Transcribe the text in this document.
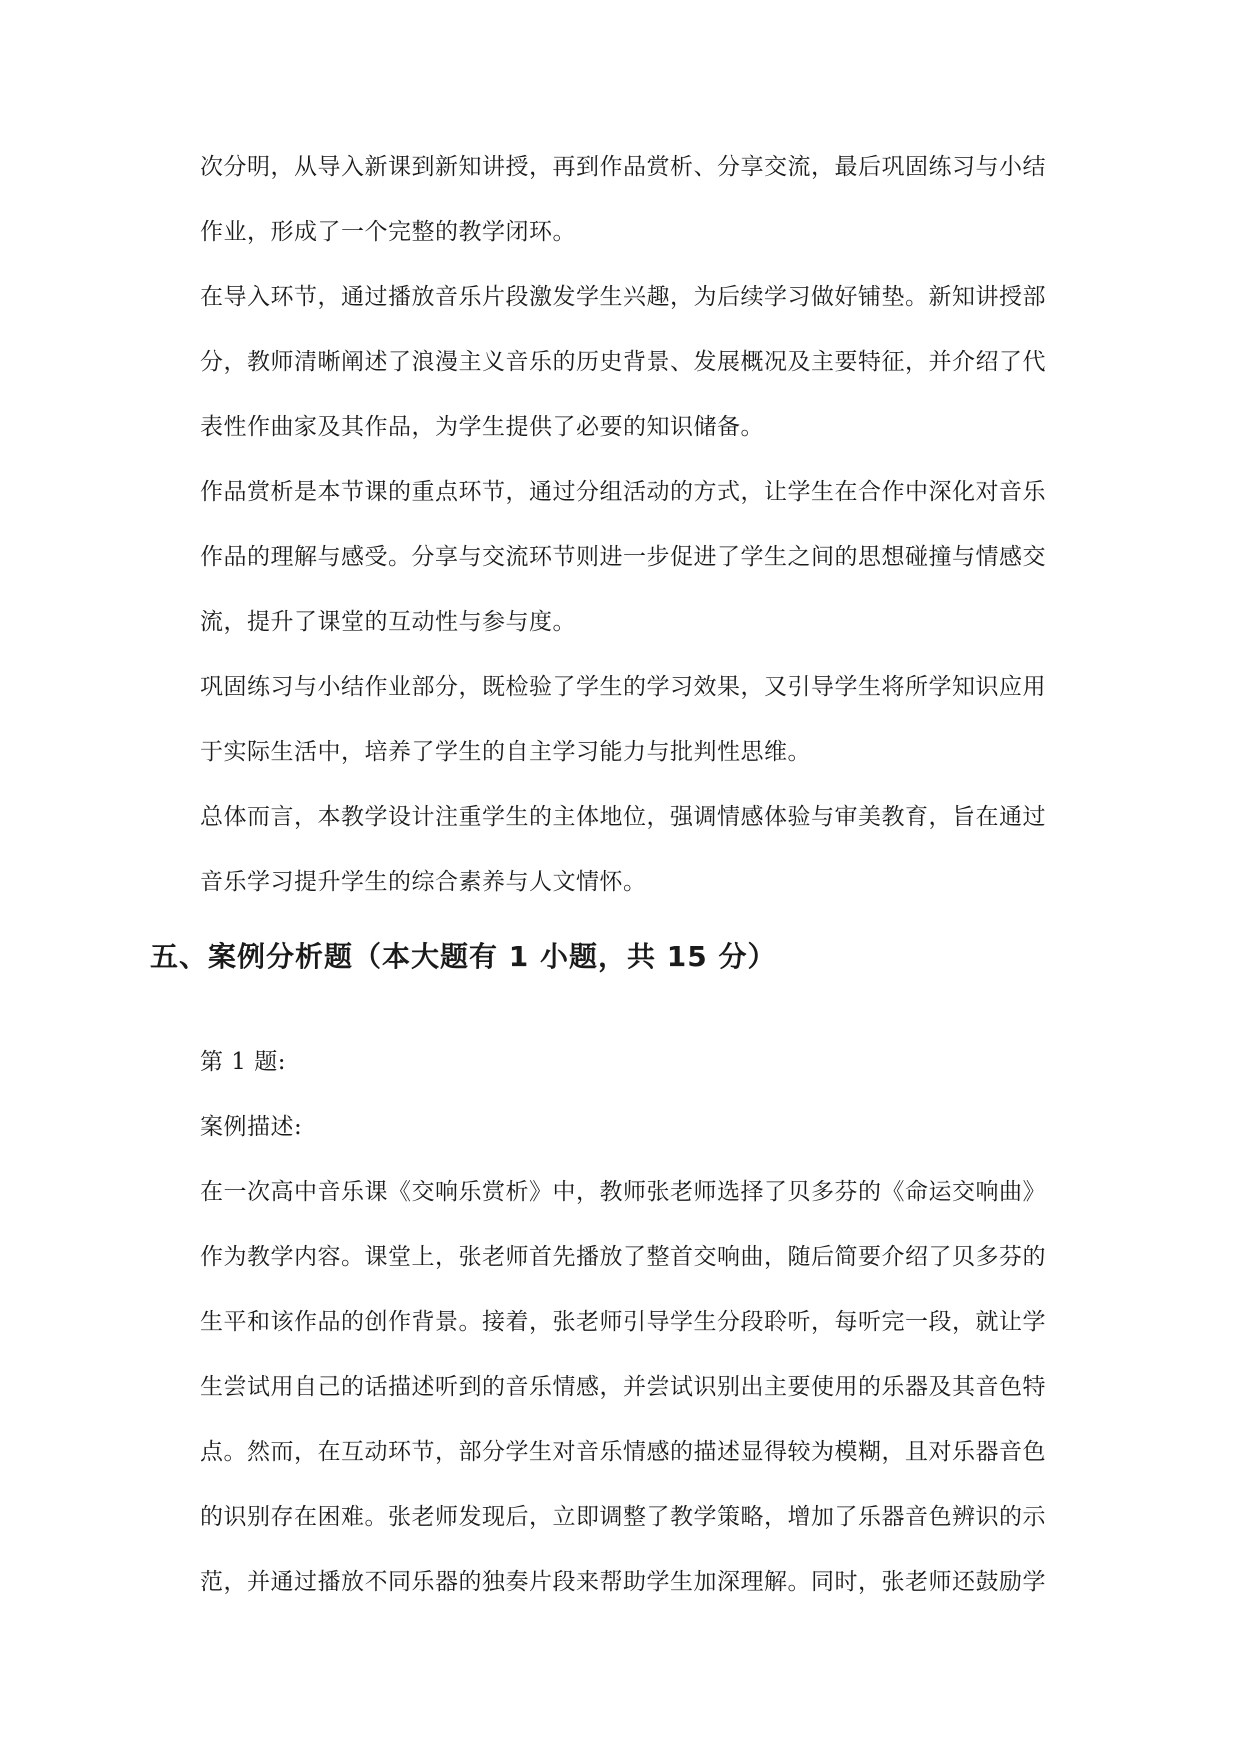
次分明，从导入新课到新知讲授，再到作品赏析、分享交流，最后巩固练习与小结
作业，形成了一个完整的教学闭环。
在导入环节，通过播放音乐片段激发学生兴趣，为后续学习做好铺垫。新知讲授部
分，教师清晰阐述了浪漫主义音乐的历史背景、发展概况及主要特征，并介绍了代
表性作曲家及其作品，为学生提供了必要的知识储备。
作品赏析是本节课的重点环节，通过分组活动的方式，让学生在合作中深化对音乐
作品的理解与感受。分享与交流环节则进一步促进了学生之间的思想碰撞与情感交
流，提升了课堂的互动性与参与度。
巩固练习与小结作业部分，既检验了学生的学习效果，又引导学生将所学知识应用
于实际生活中，培养了学生的自主学习能力与批判性思维。
总体而言，本教学设计注重学生的主体地位，强调情感体验与审美教育，旨在通过
音乐学习提升学生的综合素养与人文情怀。
五、案例分析题（本大题有 1 小题，共 15 分）
第 1 题:
案例描述:
在一次高中音乐课《交响乐赏析》中，教师张老师选择了贝多芬的《命运交响曲》
作为教学内容。课堂上，张老师首先播放了整首交响曲，随后简要介绍了贝多芬的
生平和该作品的创作背景。接着，张老师引导学生分段聆听，每听完一段，就让学
生尝试用自己的话描述听到的音乐情感，并尝试识别出主要使用的乐器及其音色特
点。然而，在互动环节，部分学生对音乐情感的描述显得较为模糊，且对乐器音色
的识别存在困难。张老师发现后，立即调整了教学策略，增加了乐器音色辨识的示
范，并通过播放不同乐器的独奏片段来帮助学生加深理解。同时，张老师还鼓励学
